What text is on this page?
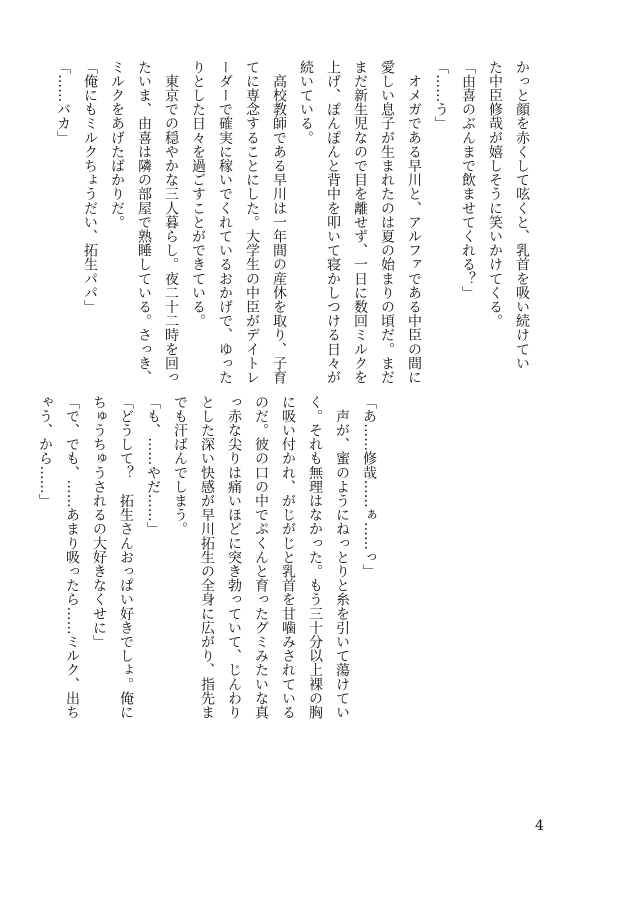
かっと顔を赤くして呟くと、乳首を吸い続けてい
た中臣修哉が嬉しそうに笑いかけてくる。
「由喜のぶんまで飲ませてくれる？」
「……う」
　オメガである早川と、アルファである中臣の間に
愛しい息子が生まれたのは夏の始まりの頃だ。まだ
まだ新生児なので目を離せず、一日に数回ミルクを
上げ、ぽんぽんと背中を叩いて寝かしつける日々が
続いている。
　高校教師である早川は一年間の産休を取り、子育
てに専念することにした。大学生の中臣がデイトレ
ーダーで確実に稼いでくれているおかげで、ゆった
りとした日々を過ごすことができている。
　東京での穏やかな三人暮らし。夜二十二時を回っ
たいま、由喜は隣の部屋で熟睡している。さっき、
ミルクをあげたばかりだ。
「俺にもミルクちょうだい、拓生パパ」
「……バカ」
「あ……修哉……ぁ……っ」
　声が、蜜のようにねっとりと糸を引いて蕩けてい
く。それも無理はなかった。もう三十分以上裸の胸
に吸い付かれ、がじがじと乳首を甘噛みされている
のだ。彼の口の中でぷくんと育ったグミみたいな真
っ赤な尖りは痛いほどに突き勃っていて、じんわり
とした深い快感が早川拓生の全身に広がり、指先ま
でも汗ばんでしまう。
「も、……やだ……」
「どうして？　拓生さんおっぱい好きでしょ。俺に
ちゅうちゅうされるの大好きなくせに」
「で、でも、……あまり吸ったら……ミルク、出ち
ゃう、から……」
4
